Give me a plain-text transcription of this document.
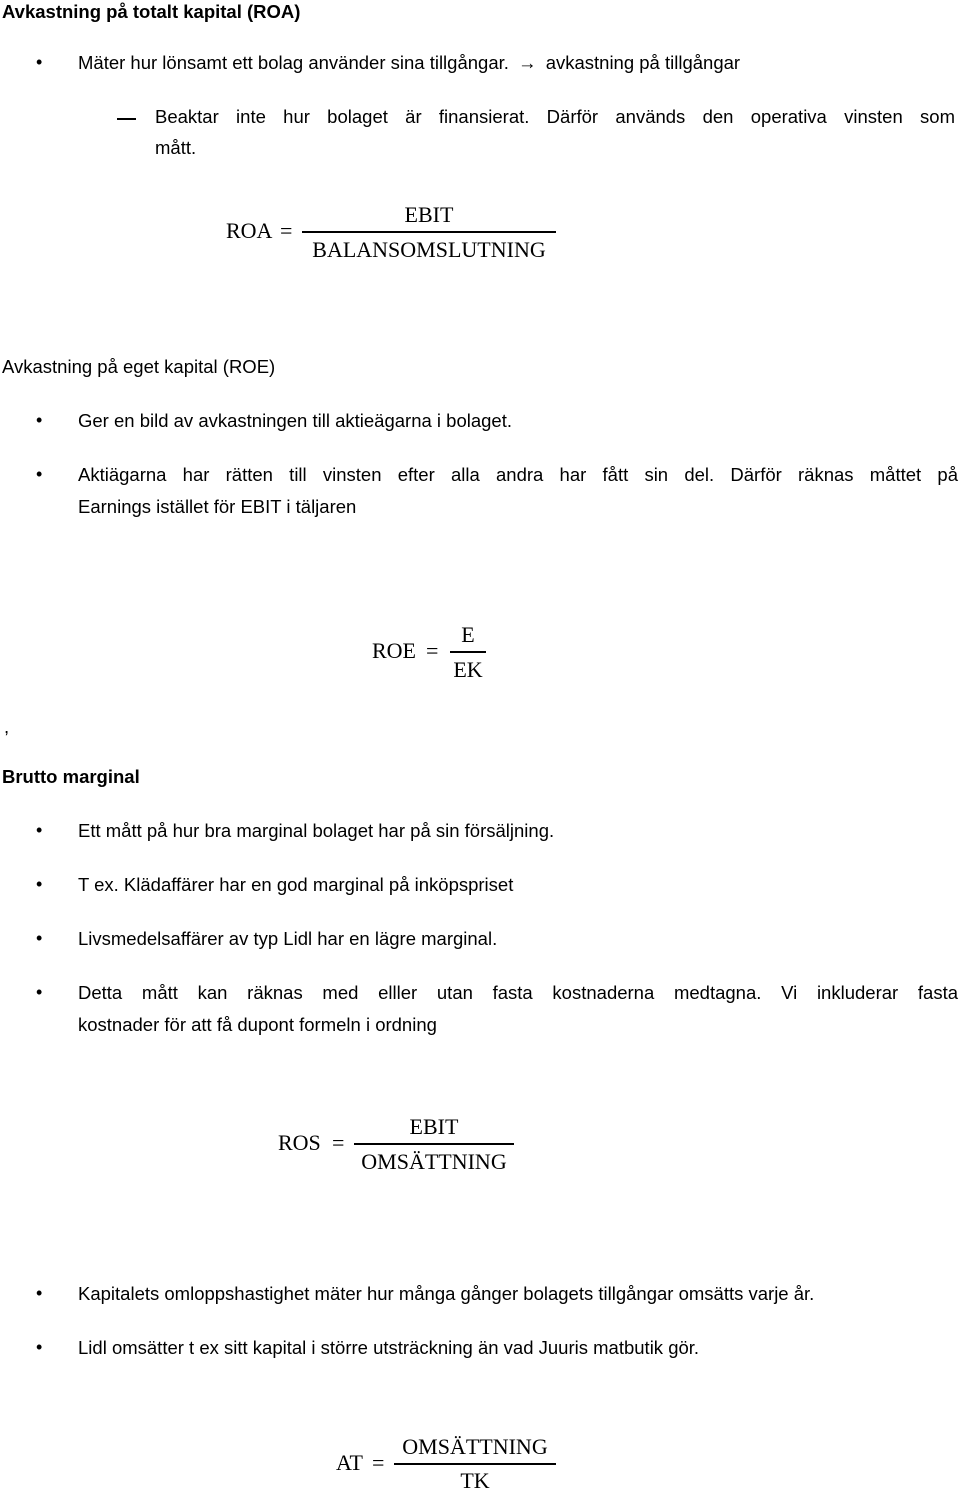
Avkastning på totalt kapital (ROA)
• Mäter hur lönsamt ett bolag använder sina tillgångar. → avkastning på tillgångar
Beaktar inte hur bolaget är finansierat. Därför används den operativa vinsten som
mått.
ROA =
EBIT
BALANSOMSLUTNING
Avkastning på eget kapital (ROE)
• Ger en bild av avkastningen till aktieägarna i bolaget.
• Aktiägarna har rätten till vinsten efter alla andra har fått sin del. Därför räknas måttet på
Earnings istället för EBIT i täljaren
ROE =
E
EK
,
Brutto marginal
• Ett mått på hur bra marginal bolaget har på sin försäljning.
• T ex. Klädaffärer har en god marginal på inköpspriset
• Livsmedelsaffärer av typ Lidl har en lägre marginal.
• Detta mått kan räknas med elller utan fasta kostnaderna medtagna. Vi inkluderar fasta
kostnader för att få dupont formeln i ordning
ROS =
EBIT
OMSÄTTNING
• Kapitalets omloppshastighet mäter hur många gånger bolagets tillgångar omsätts varje år.
• Lidl omsätter t ex sitt kapital i större utsträckning än vad Juuris matbutik gör.
AT =
OMSÄTTNING
TK
